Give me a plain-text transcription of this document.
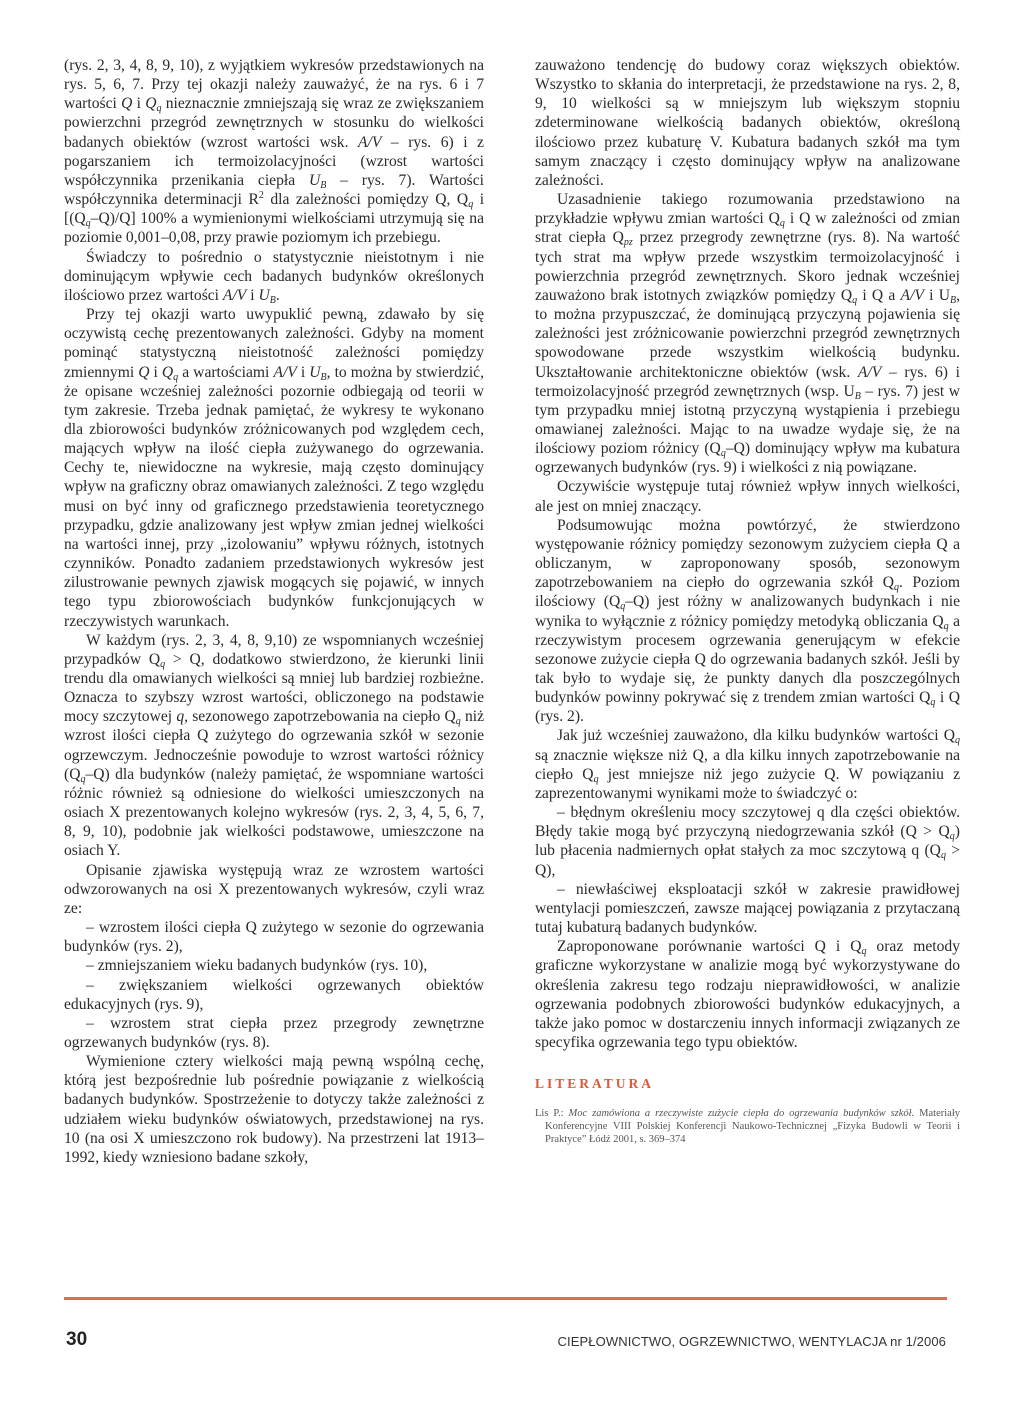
(rys. 2, 3, 4, 8, 9, 10), z wyjątkiem wykresów przedstawionych na rys. 5, 6, 7. Przy tej okazji należy zauważyć, że na rys. 6 i 7 wartości Q i $Q_q$ nieznacznie zmniejszają się wraz ze zwiększaniem powierzchni przegród zewnętrznych w stosunku do wielkości badanych obiektów (wzrost wartości wsk. A/V – rys. 6) i z pogarszaniem ich termoizolacyjności (wzrost wartości współczynnika przenikania ciepła $U_B$ – rys. 7). Wartości współczynnika determinacji $R^2$ dla zależności pomiędzy Q, $Q_q$ i $[(Q_q-Q)/Q]$ 100% a wymienionymi wielkościami utrzymują się na poziomie 0,001–0,08, przy prawie poziomym ich przebiegu.

Świadczy to pośrednio o statystycznie nieistotnym i nie dominującym wpływie cech badanych budynków określonych ilościowo przez wartości A/V i $U_B$.

Przy tej okazji warto uwypuklić pewną, zdawało by się oczywistą cechę prezentowanych zależności. Gdyby na moment pominąć statystyczną nieistotność zależności pomiędzy zmiennymi Q i $Q_q$ a wartościami A/V i $U_B$, to można by stwierdzić, że opisane wcześniej zależności pozornie odbiegają od teorii w tym zakresie. Trzeba jednak pamiętać, że wykresy te wykonano dla zbiorowości budynków zróżnicowanych pod względem cech, mających wpływ na ilość ciepła zużywanego do ogrzewania. Cechy te, niewidoczne na wykresie, mają często dominujący wpływ na graficzny obraz omawianych zależności. Z tego względu musi on być inny od graficznego przedstawienia teoretycznego przypadku, gdzie analizowany jest wpływ zmian jednej wielkości na wartości innej, przy „izolowaniu” wpływu różnych, istotnych czynników. Ponadto zadaniem przedstawionych wykresów jest zilustrowanie pewnych zjawisk mogących się pojawić, w innych tego typu zbiorowościach budynków funkcjonujących w rzeczywistych warunkach.

W każdym (rys. 2, 3, 4, 8, 9,10) ze wspomnianych wcześniej przypadków $Q_q > Q$, dodatkowo stwierdzono, że kierunki linii trendu dla omawianych wielkości są mniej lub bardziej rozbieżne. Oznacza to szybszy wzrost wartości, obliczonego na podstawie mocy szczytowej q, sezonowego zapotrzebowania na ciepło $Q_q$ niż wzrost ilości ciepła Q zużytego do ogrzewania szkół w sezonie ogrzewczym. Jednocześnie powoduje to wzrost wartości różnicy $(Q_q-Q)$ dla budynków (należy pamiętać, że wspomniane wartości różnic również są odniesione do wielkości umieszczonych na osiach X prezentowanych kolejno wykresów (rys. 2, 3, 4, 5, 6, 7, 8, 9, 10), podobnie jak wielkości podstawowe, umieszczone na osiach Y.

Opisanie zjawiska występują wraz ze wzrostem wartości odwzorowanych na osi X prezentowanych wykresów, czyli wraz ze:

– wzrostem ilości ciepła Q zużytego w sezonie do ogrzewania budynków (rys. 2),

– zmniejszaniem wieku badanych budynków (rys. 10),

– zwiększaniem wielkości ogrzewanych obiektów edukacyjnych (rys. 9),

– wzrostem strat ciepła przez przegrody zewnętrzne ogrzewanych budynków (rys. 8).

Wymienione cztery wielkości mają pewną wspólną cechę, którą jest bezpośrednie lub pośrednie powiązanie z wielkością badanych budynków. Spostrzeżenie to dotyczy także zależności z udziałem wieku budynków oświatowych, przedstawionej na rys. 10 (na osi X umieszczono rok budowy). Na przestrzeni lat 1913–1992, kiedy wzniesiono badane szkoły,

zauważono tendencję do budowy coraz większych obiektów. Wszystko to skłania do interpretacji, że przedstawione na rys. 2, 8, 9, 10 wielkości są w mniejszym lub większym stopniu zdeterminowane wielkością badanych obiektów, określoną ilościowo przez kubaturę V. Kubatura badanych szkół ma tym samym znaczący i często dominujący wpływ na analizowane zależności.

Uzasadnienie takiego rozumowania przedstawiono na przykładzie wpływu zmian wartości $Q_q$ i Q w zależności od zmian strat ciepła $Q_{pz}$ przez przegrody zewnętrzne (rys. 8). Na wartość tych strat ma wpływ przede wszystkim termoizolacyjność i powierzchnia przegród zewnętrznych. Skoro jednak wcześniej zauważono brak istotnych związków pomiędzy $Q_q$ i Q a A/V i $U_B$, to można przypuszczać, że dominującą przyczyną pojawienia się zależności jest zróżnicowanie powierzchni przegród zewnętrznych spowodowane przede wszystkim wielkością budynku. Ukształtowanie architektoniczne obiektów (wsk. A/V – rys. 6) i termoizolacyjność przegród zewnętrznych (wsp. $U_B$ – rys. 7) jest w tym przypadku mniej istotną przyczyną wystąpienia i przebiegu omawianej zależności. Mając to na uwadze wydaje się, że na ilościowy poziom różnicy $(Q_q-Q)$ dominujący wpływ ma kubatura ogrzewanych budynków (rys. 9) i wielkości z nią powiązane.

Oczywiście występuje tutaj również wpływ innych wielkości, ale jest on mniej znaczący.

Podsumowując można powtórzyć, że stwierdzono występowanie różnicy pomiędzy sezonowym zużyciem ciepła Q a obliczanym, w zaproponowany sposób, sezonowym zapotrzebowaniem na ciepło do ogrzewania szkół $Q_q$. Poziom ilościowy $(Q_q-Q)$ jest różny w analizowanych budynkach i nie wynika to wyłącznie z różnicy pomiędzy metodyką obliczania $Q_q$ a rzeczywistym procesem ogrzewania generującym w efekcie sezonowe zużycie ciepła Q do ogrzewania badanych szkół. Jeśli by tak było to wydaje się, że punkty danych dla poszczególnych budynków powinny pokrywać się z trendem zmian wartości $Q_q$ i Q (rys. 2).

Jak już wcześniej zauważono, dla kilku budynków wartości $Q_q$ są znacznie większe niż Q, a dla kilku innych zapotrzebowanie na ciepło $Q_q$ jest mniejsze niż jego zużycie Q. W powiązaniu z zaprezentowanymi wynikami może to świadczyć o:

– błędnym określeniu mocy szczytowej q dla części obiektów. Błędy takie mogą być przyczyną niedogrzewania szkół $(Q > Q_q)$ lub płacenia nadmiernych opłat stałych za moc szczytową q $(Q_q > Q)$,

– niewłaściwej eksploatacji szkół w zakresie prawidłowej wentylacji pomieszczeń, zawsze mającej powiązania z przytaczaną tutaj kubaturą badanych budynków.

Zaproponowane porównanie wartości Q i $Q_q$ oraz metody graficzne wykorzystane w analizie mogą być wykorzystywane do określenia zakresu tego rodzaju nieprawidłowości, w analizie ogrzewania podobnych zbiorowości budynków edukacyjnych, a także jako pomoc w dostarczeniu innych informacji związanych ze specyfika ogrzewania tego typu obiektów.

LITERATURA
Lis P.: Moc zamówiona a rzeczywiste zużycie ciepła do ogrzewania budynków szkół. Materiały Konferencyjne VIII Polskiej Konferencji Naukowo-Technicznej „Fizyka Budowli w Teorii i Praktyce” Łódź 2001, s. 369–374
30	CIEPŁOWNICTWO, OGRZEWNICTWO, WENTYLACJA nr 1/2006
